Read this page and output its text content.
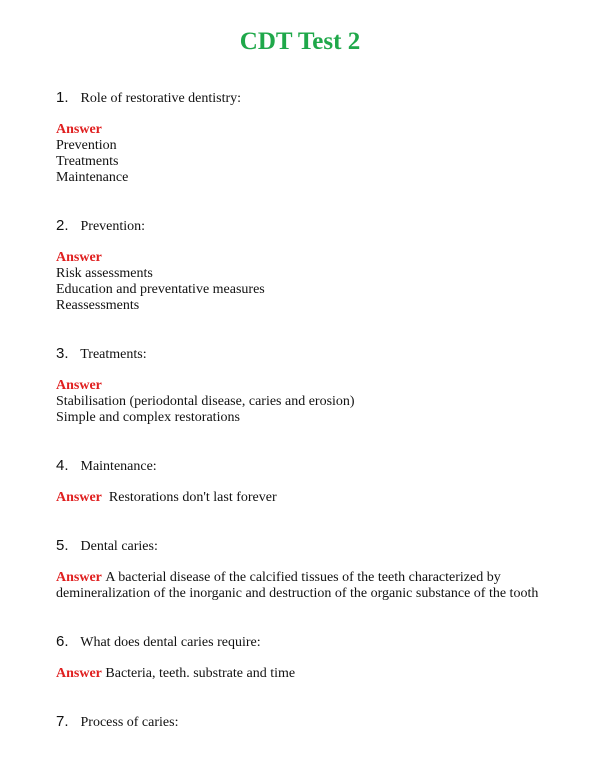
CDT Test 2
1. Role of restorative dentistry:
Answer
Prevention
Treatments
Maintenance
2. Prevention:
Answer
Risk assessments
Education and preventative measures
Reassessments
3. Treatments:
Answer
Stabilisation (periodontal disease, caries and erosion)
Simple and complex restorations
4. Maintenance:
Answer Restorations don't last forever
5. Dental caries:
Answer A bacterial disease of the calcified tissues of the teeth characterized by
demineralization of the inorganic and destruction of the organic substance of the tooth
6. What does dental caries require:
Answer Bacteria, teeth. substrate and time
7. Process of caries:
